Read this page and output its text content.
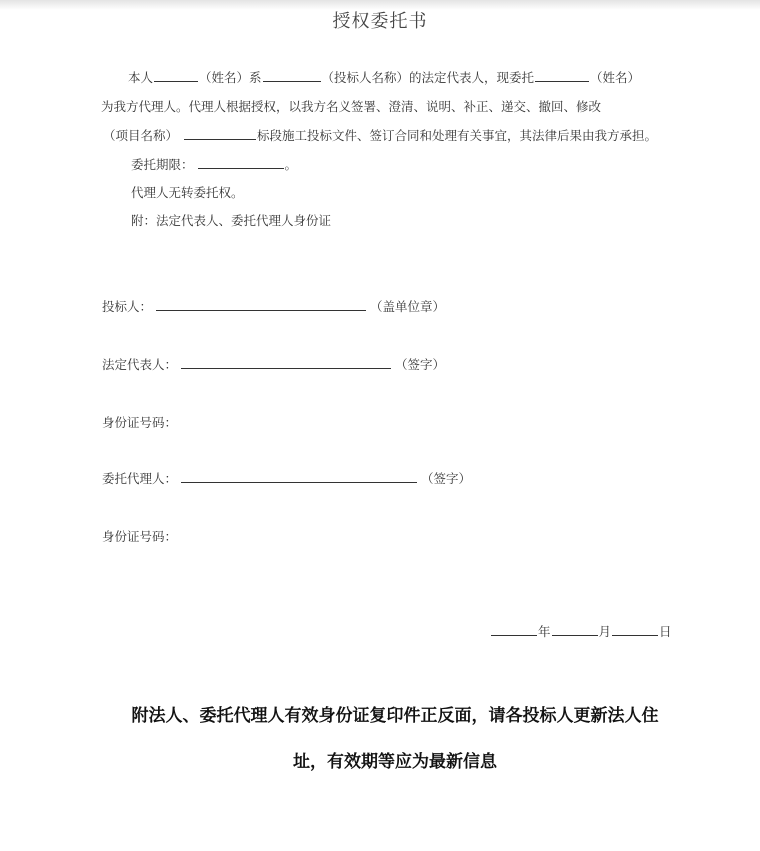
授权委托书
本人	（姓名）系	（投标人名称）的法定代表人，现委托	（姓名）
为我方代理人。代理人根据授权，以我方名义签署、澄清、说明、补正、递交、撤回、修改
（项目名称）	标段施工投标文件、签订合同和处理有关事宜，其法律后果由我方承担。
委托期限：	。
代理人无转委托权。
附：法定代表人、委托代理人身份证
投标人：	（盖单位章）
法定代表人：	（签字）
身份证号码：
委托代理人：	（签字）
身份证号码：
年	月	日
附法人、委托代理人有效身份证复印件正反面，请各投标人更新法人住
址，有效期等应为最新信息
